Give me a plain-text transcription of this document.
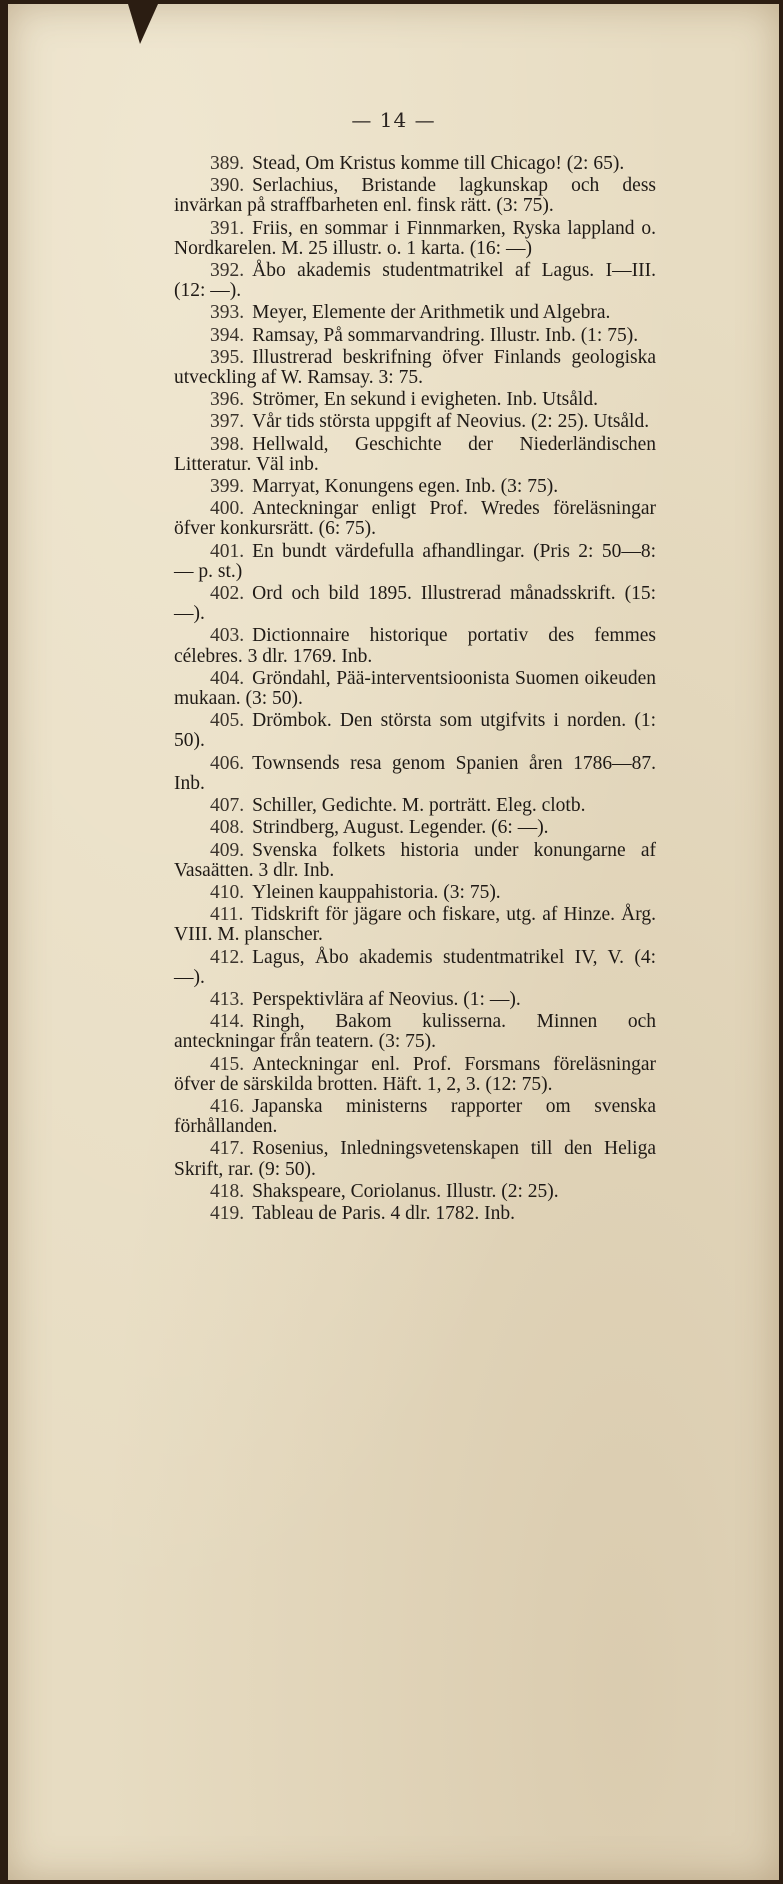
— 14 —

389. Stead, Om Kristus komme till Chicago! (2: 65).

390. Serlachius, Bristande lagkunskap och dess invärkan på straffbarheten enl. finsk rätt. (3: 75).

391. Friis, en sommar i Finnmarken, Ryska lappland o. Nordkarelen. M. 25 illustr. o. 1 karta. (16: —)

392. Åbo akademis studentmatrikel af Lagus. I—III. (12: —).

393. Meyer, Elemente der Arithmetik und Algebra.

394. Ramsay, På sommarvandring. Illustr. Inb. (1: 75).

395. Illustrerad beskrifning öfver Finlands geologiska utveckling af W. Ramsay. 3: 75.

396. Strömer, En sekund i evigheten. Inb. Utsåld.

397. Vår tids största uppgift af Neovius. (2: 25). Utsåld.

398. Hellwald, Geschichte der Niederländischen Litteratur. Väl inb.

399. Marryat, Konungens egen. Inb. (3: 75).

400. Anteckningar enligt Prof. Wredes föreläsningar öfver konkursrätt. (6: 75).

401. En bundt värdefulla afhandlingar. (Pris 2: 50—8: — p. st.)

402. Ord och bild 1895. Illustrerad månadsskrift. (15: —).

403. Dictionnaire historique portativ des femmes célebres. 3 dlr. 1769. Inb.

404. Gröndahl, Pää-interventsioonista Suomen oikeuden mukaan. (3: 50).

405. Drömbok. Den största som utgifvits i norden. (1: 50).

406. Townsends resa genom Spanien åren 1786—87. Inb.

407. Schiller, Gedichte. M. porträtt. Eleg. clotb.

408. Strindberg, August. Legender. (6: —).

409. Svenska folkets historia under konungarne af Vasaätten. 3 dlr. Inb.

410. Yleinen kauppahistoria. (3: 75).

411. Tidskrift för jägare och fiskare, utg. af Hinze. Årg. VIII. M. planscher.

412. Lagus, Åbo akademis studentmatrikel IV, V. (4: —).

413. Perspektivlära af Neovius. (1: —).

414. Ringh, Bakom kulisserna. Minnen och anteckningar från teatern. (3: 75).

415. Anteckningar enl. Prof. Forsmans föreläsningar öfver de särskilda brotten. Häft. 1, 2, 3. (12: 75).

416. Japanska ministerns rapporter om svenska förhållanden.

417. Rosenius, Inledningsvetenskapen till den Heliga Skrift, rar. (9: 50).

418. Shakspeare, Coriolanus. Illustr. (2: 25).

419. Tableau de Paris. 4 dlr. 1782. Inb.
